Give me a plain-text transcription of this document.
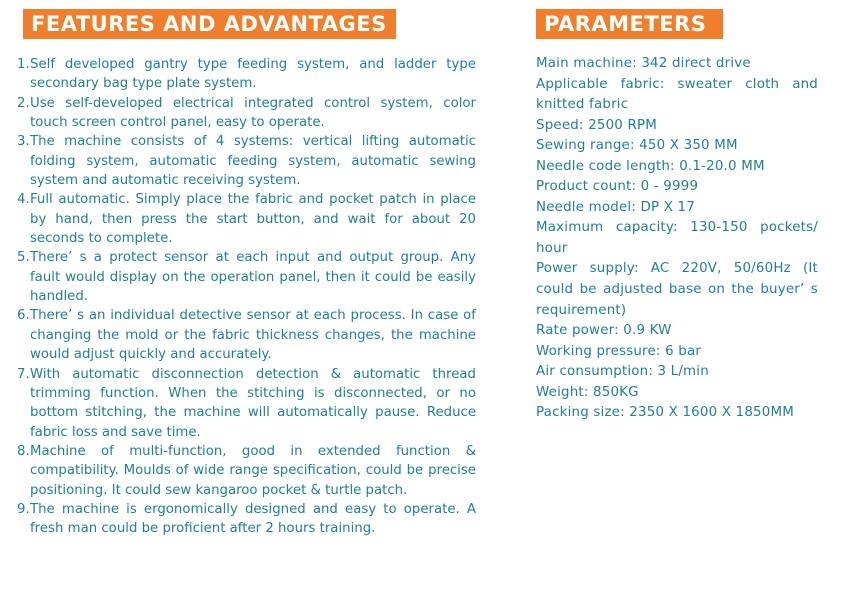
FEATURES AND ADVANTAGES	PARAMETERS
1. Self developed gantry type feeding system, and ladder type secondary bag type plate system.
2. Use self-developed electrical integrated control system, color touch screen control panel, easy to operate.
3. The machine consists of 4 systems: vertical lifting automatic folding system, automatic feeding system, automatic sewing system and automatic receiving system.
4. Full automatic. Simply place the fabric and pocket patch in place by hand, then press the start button, and wait for about 20 seconds to complete.
5. There’ s a protect sensor at each input and output group. Any fault would display on the operation panel, then it could be easily handled.
6. There’ s an individual detective sensor at each process. In case of changing the mold or the fabric thickness changes, the machine would adjust quickly and accurately.
7. With automatic disconnection detection & automatic thread trimming function. When the stitching is disconnected, or no bottom stitching, the machine will automatically pause. Reduce fabric loss and save time.
8. Machine of multi-function, good in extended function & compatibility. Moulds of wide range specification, could be precise positioning. It could sew kangaroo pocket & turtle patch.
9. The machine is ergonomically designed and easy to operate. A fresh man could be proficient after 2 hours training.
Main machine: 342 direct drive
Applicable fabric: sweater cloth and knitted fabric
Speed: 2500 RPM
Sewing range: 450 X 350 MM
Needle code length: 0.1-20.0 MM
Product count: 0 - 9999
Needle model: DP X 17
Maximum capacity: 130-150 pockets/ hour
Power supply: AC 220V, 50/60Hz (It could be adjusted base on the buyer’ s requirement)
Rate power: 0.9 KW
Working pressure: 6 bar
Air consumption: 3 L/min
Weight: 850KG
Packing size: 2350 X 1600 X 1850MM
